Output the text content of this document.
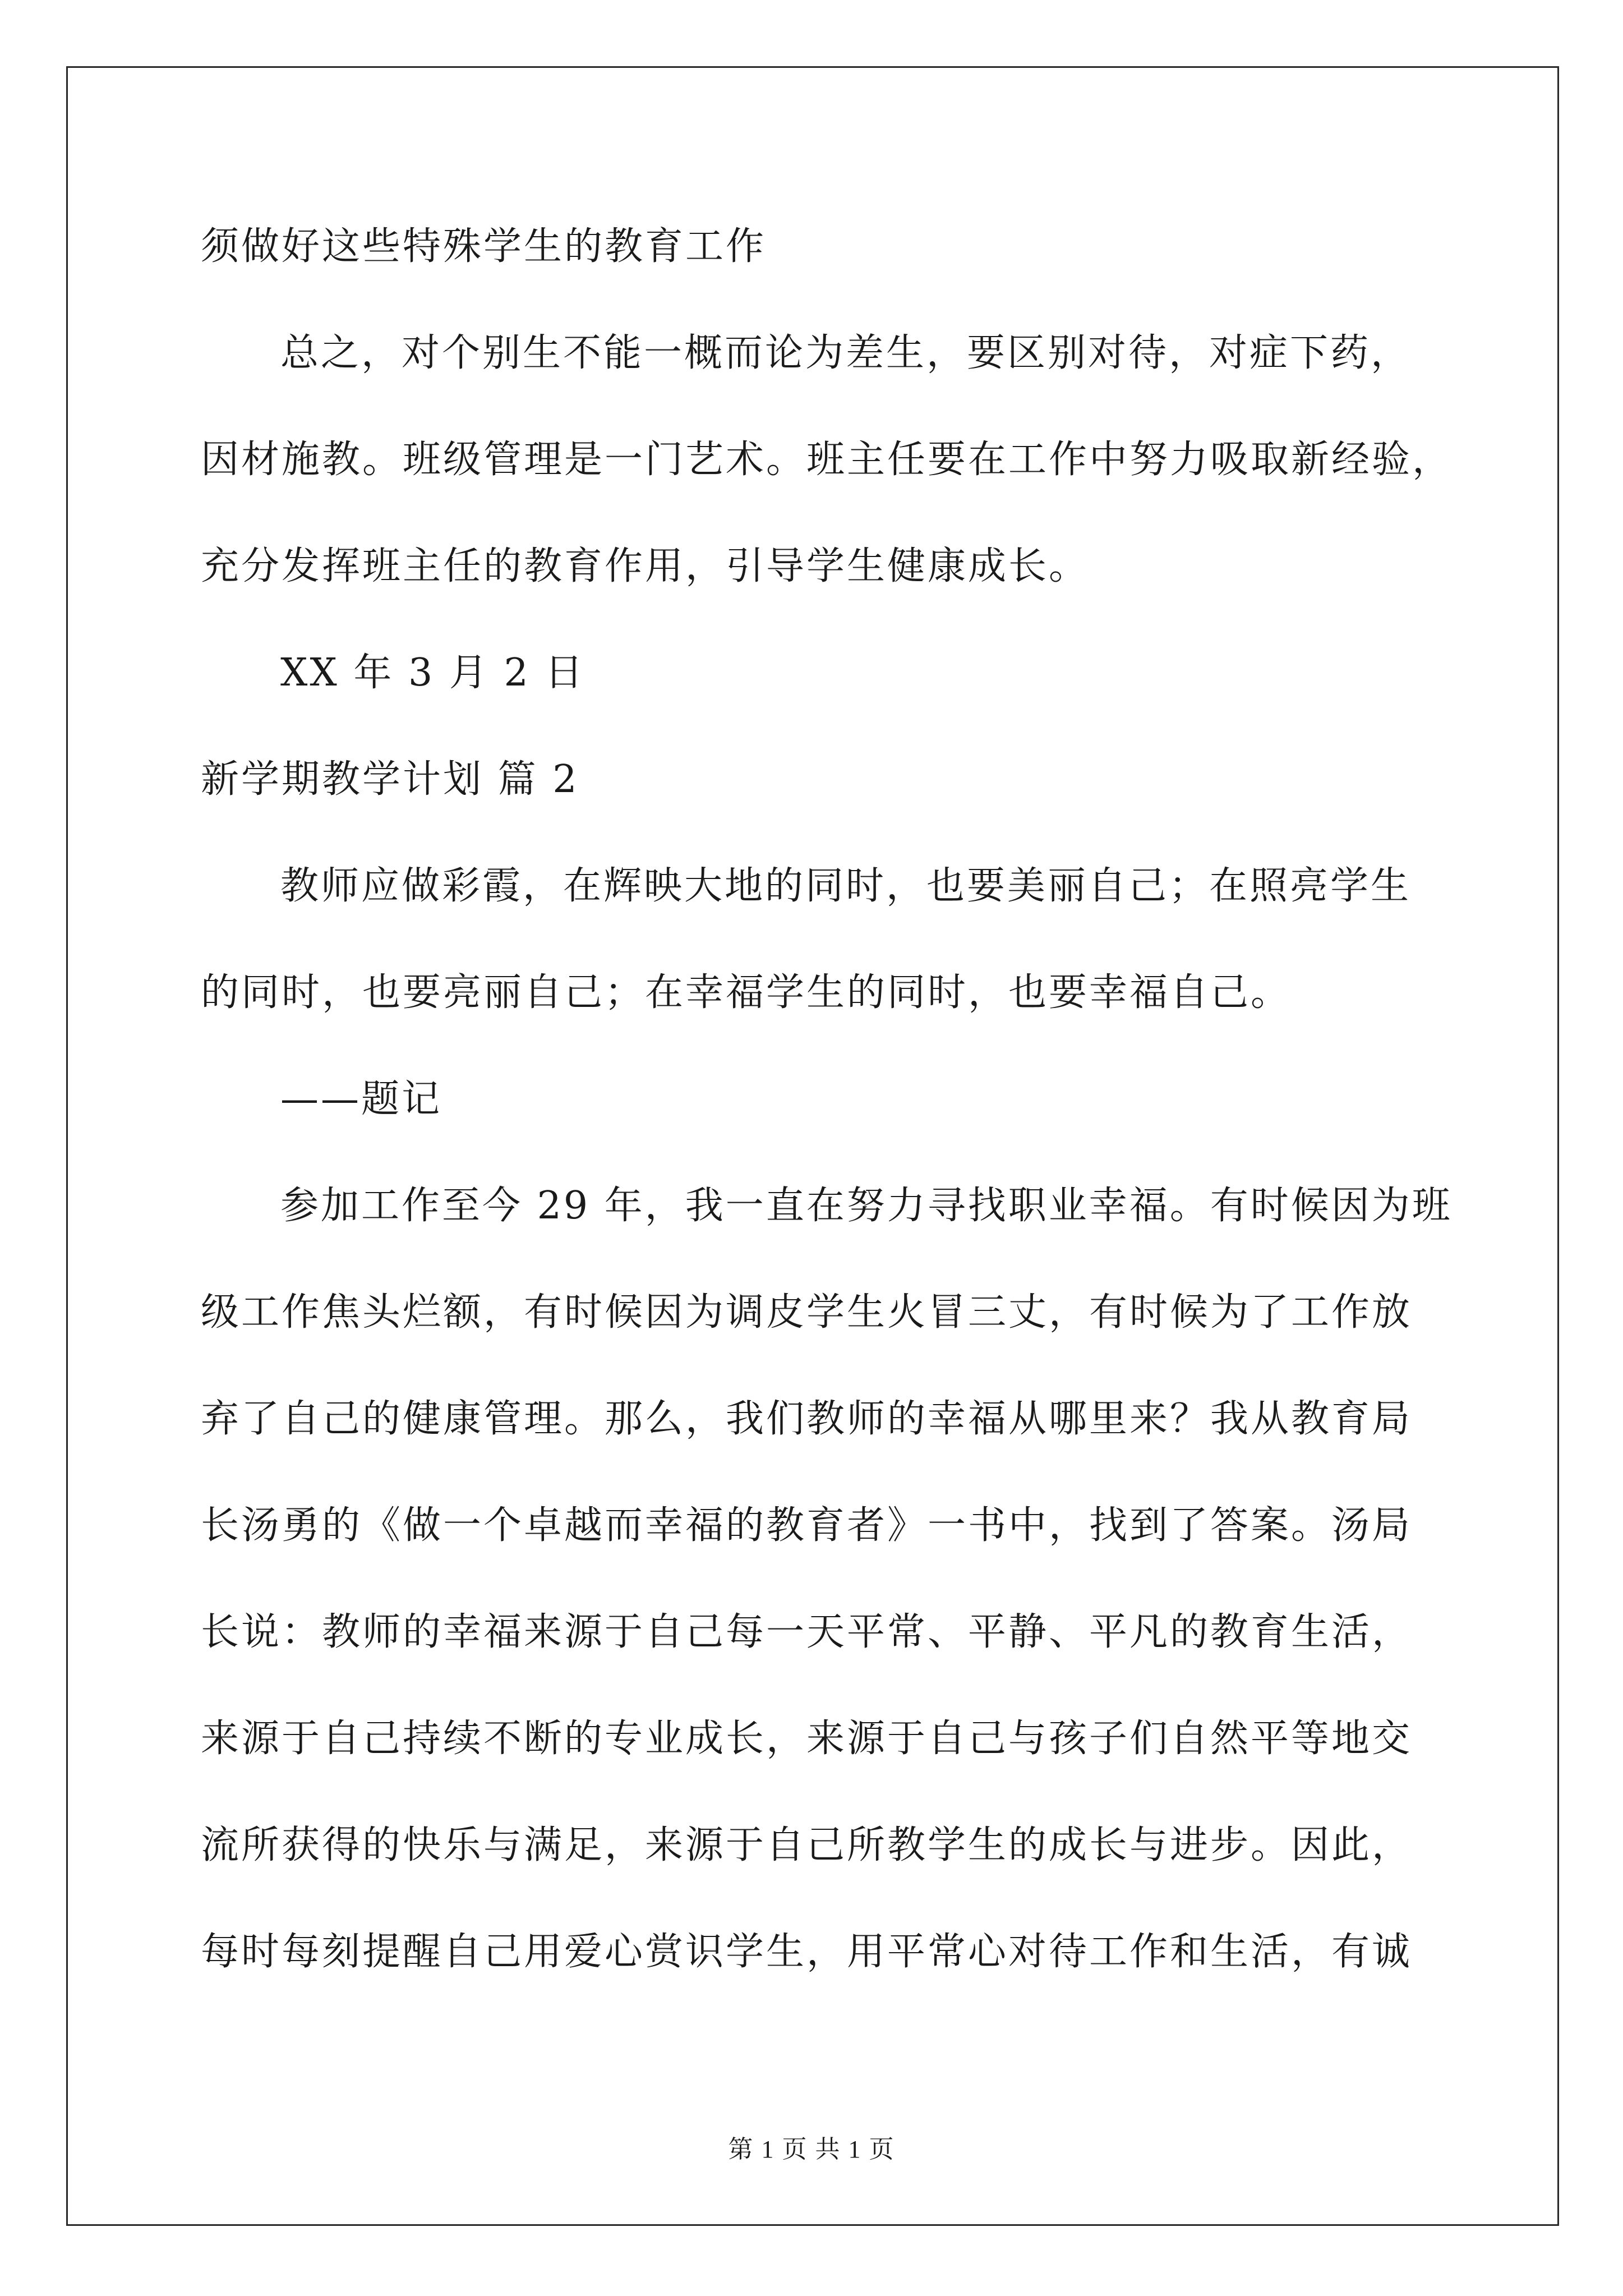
须做好这些特殊学生的教育工作
总之，对个别生不能一概而论为差生，要区别对待，对症下药，
因材施教。班级管理是一门艺术。班主任要在工作中努力吸取新经验，
充分发挥班主任的教育作用，引导学生健康成长。
XX 年 3 月 2 日
新学期教学计划 篇 2
教师应做彩霞，在辉映大地的同时，也要美丽自己；在照亮学生
的同时，也要亮丽自己；在幸福学生的同时，也要幸福自己。
——题记
参加工作至今 29 年，我一直在努力寻找职业幸福。有时候因为班
级工作焦头烂额，有时候因为调皮学生火冒三丈，有时候为了工作放
弃了自己的健康管理。那么，我们教师的幸福从哪里来？我从教育局
长汤勇的《做一个卓越而幸福的教育者》一书中，找到了答案。汤局
长说：教师的幸福来源于自己每一天平常、平静、平凡的教育生活，
来源于自己持续不断的专业成长，来源于自己与孩子们自然平等地交
流所获得的快乐与满足，来源于自己所教学生的成长与进步。因此，
每时每刻提醒自己用爱心赏识学生，用平常心对待工作和生活，有诚
第 1 页 共 1 页
